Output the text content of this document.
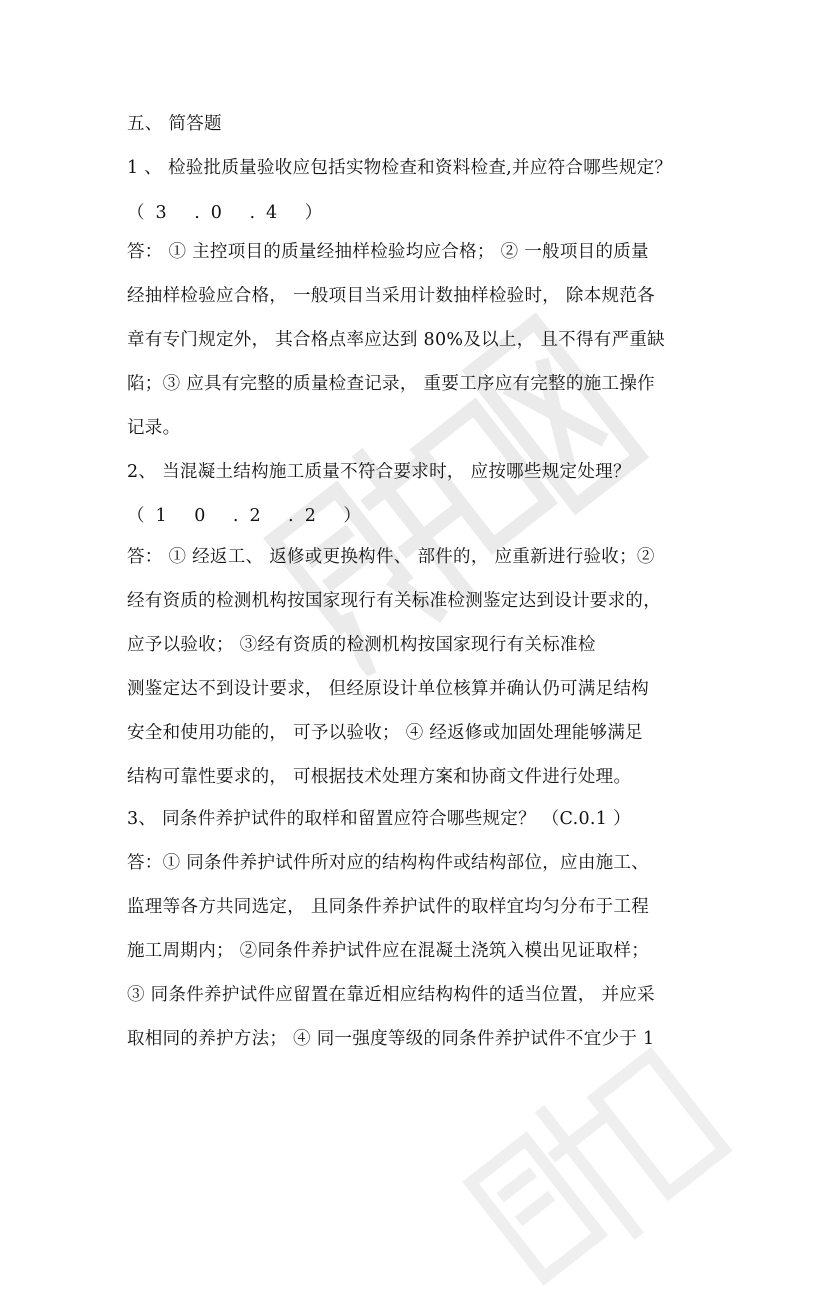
五、 简答题
1 、 检验批质量验收应包括实物检查和资料检查,并应符合哪些规定？
（3 .0 .4 ）
答： ① 主控项目的质量经抽样检验均应合格； ② 一般项目的质量
经抽样检验应合格， 一般项目当采用计数抽样检验时， 除本规范各
章有专门规定外， 其合格点率应达到 80%及以上， 且不得有严重缺
陷；③ 应具有完整的质量检查记录， 重要工序应有完整的施工操作
记录。
2、 当混凝土结构施工质量不符合要求时， 应按哪些规定处理？
（1 0 .2 .2 ）
答： ① 经返工、 返修或更换构件、 部件的， 应重新进行验收；②
经有资质的检测机构按国家现行有关标准检测鉴定达到设计要求的，
应予以验收； ③经有资质的检测机构按国家现行有关标准检
测鉴定达不到设计要求， 但经原设计单位核算并确认仍可满足结构
安全和使用功能的， 可予以验收； ④ 经返修或加固处理能够满足
结构可靠性要求的， 可根据技术处理方案和协商文件进行处理。
3、 同条件养护试件的取样和留置应符合哪些规定？ （C.0.1 ）
答：① 同条件养护试件所对应的结构构件或结构部位，应由施工、
监理等各方共同选定， 且同条件养护试件的取样宜均匀分布于工程
施工周期内； ②同条件养护试件应在混凝土浇筑入模出见证取样；
③ 同条件养护试件应留置在靠近相应结构构件的适当位置， 并应采
取相同的养护方法； ④ 同一强度等级的同条件养护试件不宜少于 1
